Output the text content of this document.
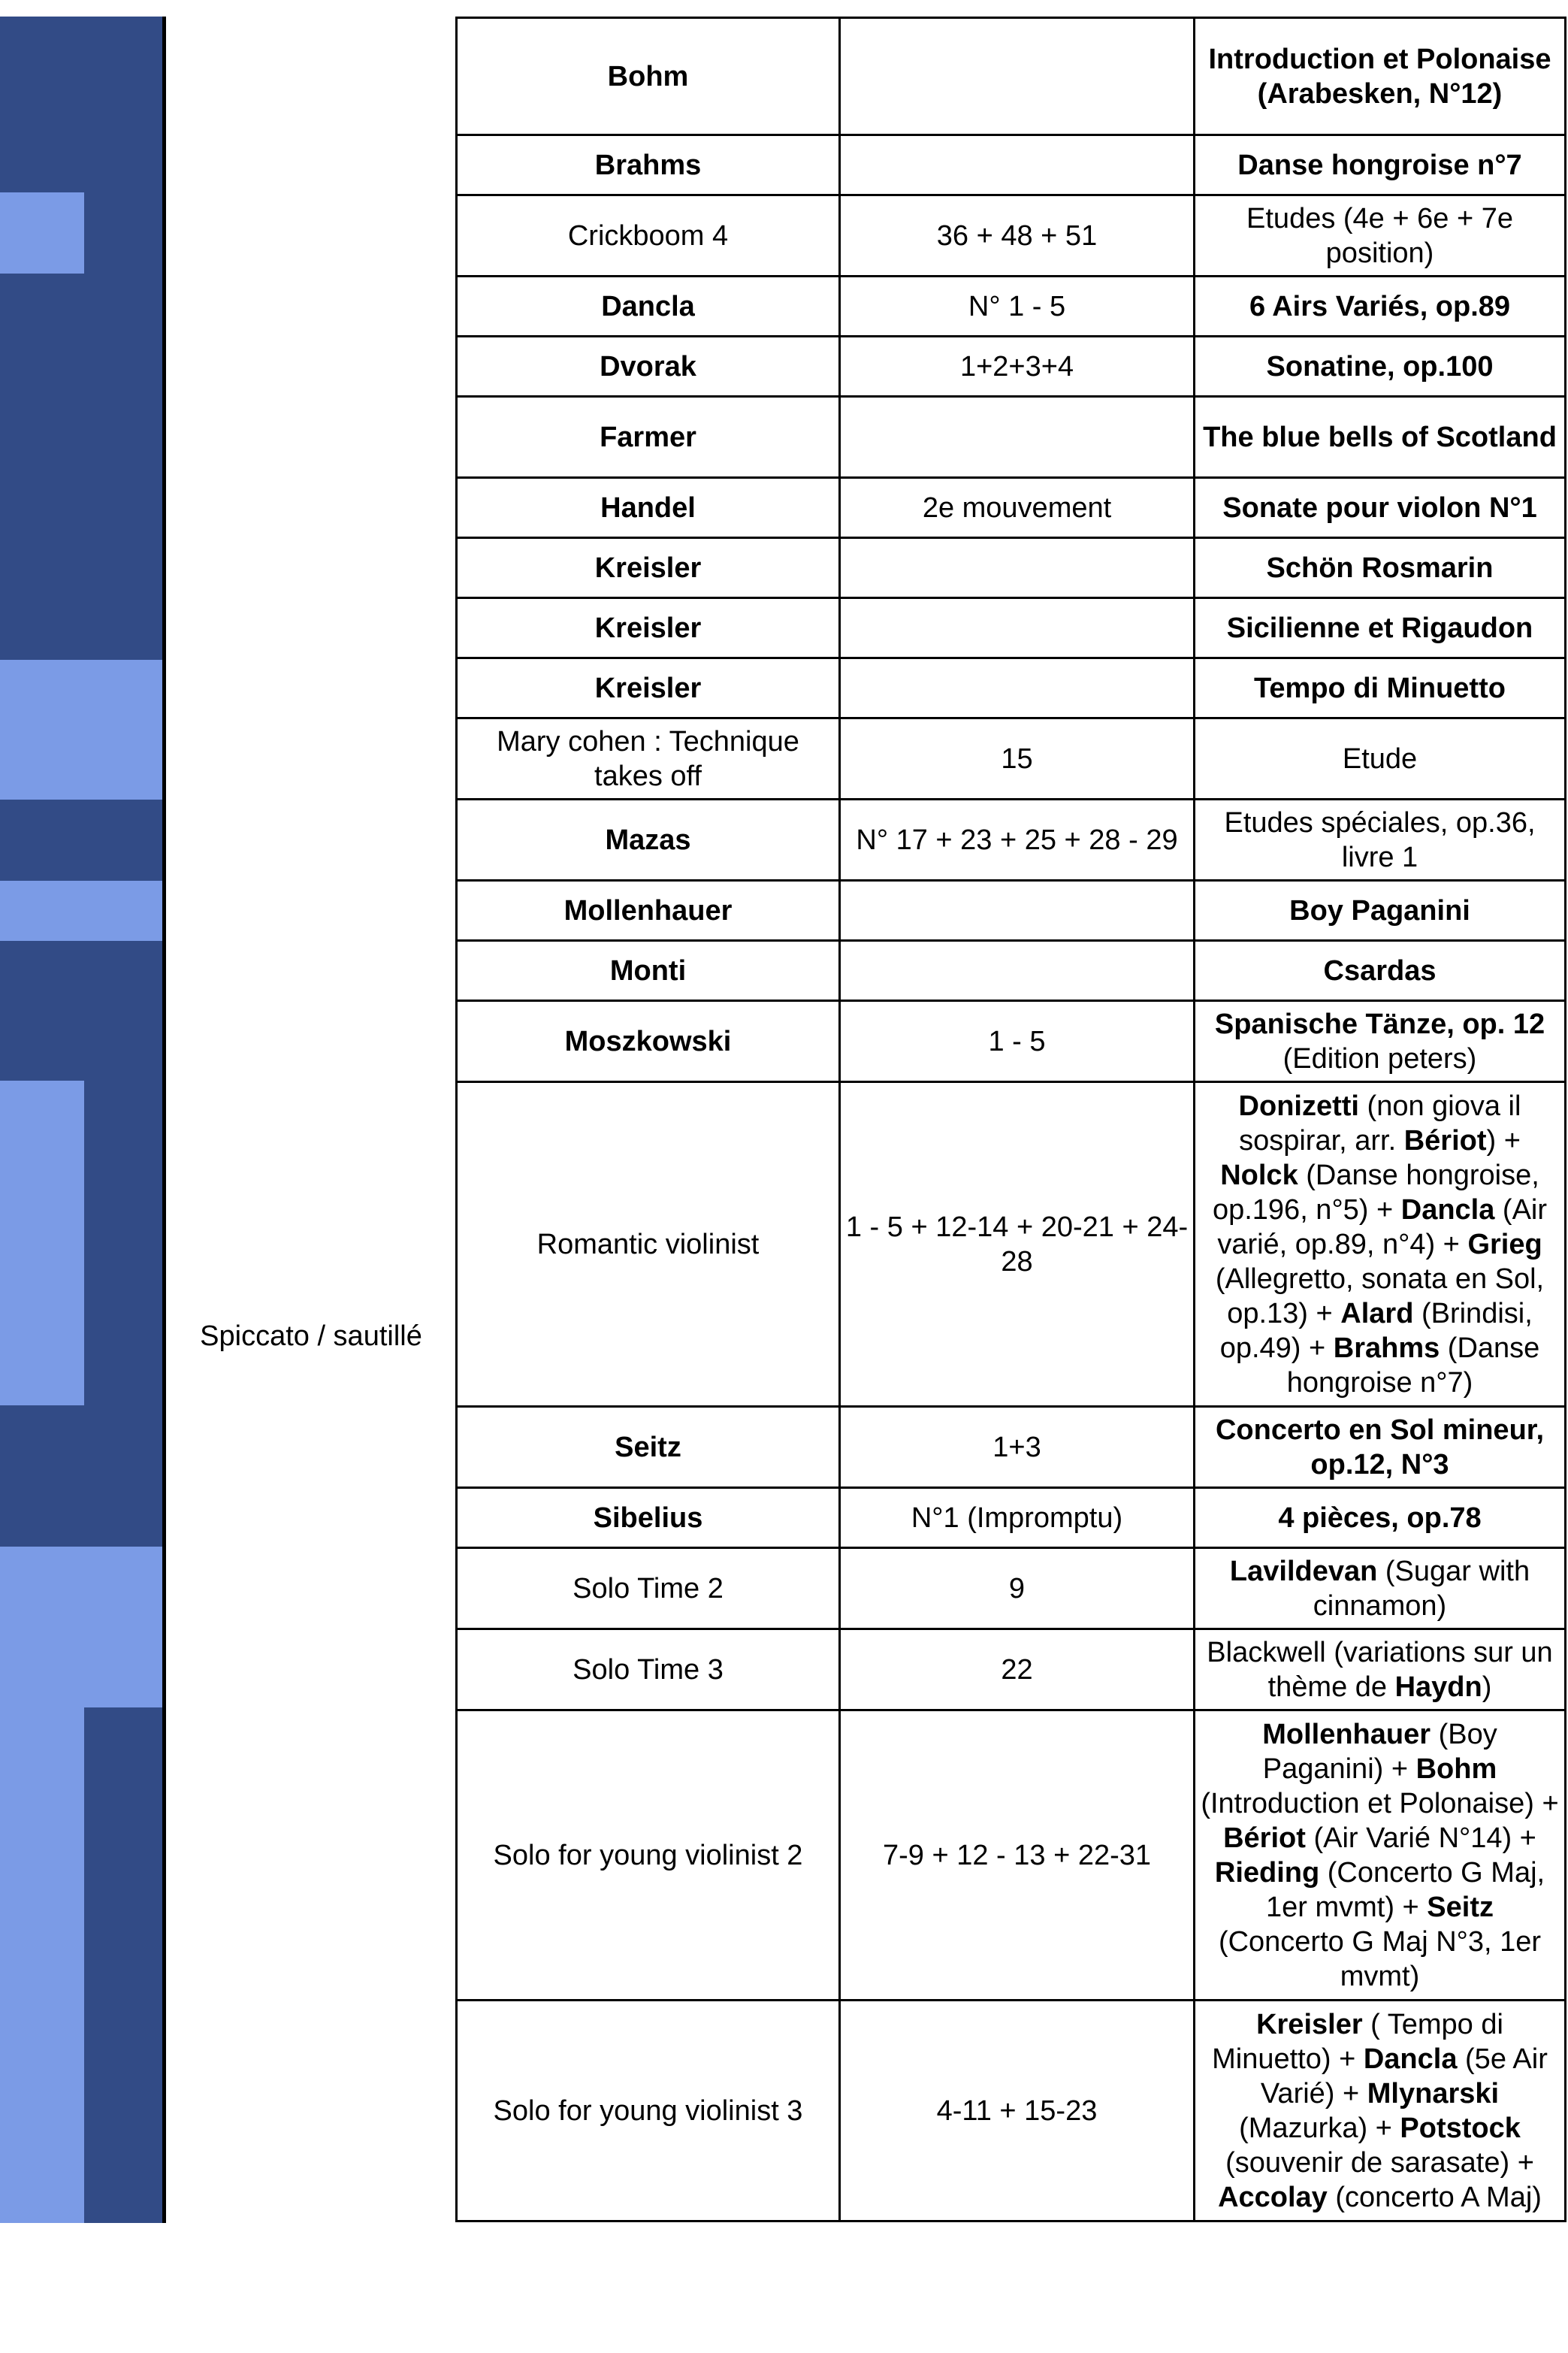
Spiccato / sautillé
Bohm		Introduction et Polonaise (Arabesken, N°12)
Brahms		Danse hongroise n°7
Crickboom 4	36 + 48 + 51	Etudes (4e + 6e + 7e position)
Dancla	N° 1 - 5	6 Airs Variés, op.89
Dvorak	1+2+3+4	Sonatine, op.100
Farmer		The blue bells of Scotland
Handel	2e mouvement	Sonate pour violon N°1
Kreisler		Schön Rosmarin
Kreisler		Sicilienne et Rigaudon
Kreisler		Tempo di Minuetto
Mary cohen : Technique takes off	15	Etude
Mazas	N° 17 + 23 + 25 + 28 - 29	Etudes spéciales, op.36, livre 1
Mollenhauer		Boy Paganini
Monti		Csardas
Moszkowski	1 - 5	Spanische Tänze, op. 12 (Edition peters)
Romantic violinist	1 - 5 + 12-14 + 20-21 + 24-28	Donizetti (non giova il sospirar, arr. Bériot) + Nolck (Danse hongroise, op.196, n°5) + Dancla (Air varié, op.89, n°4) + Grieg (Allegretto, sonata en Sol, op.13) + Alard (Brindisi, op.49) + Brahms (Danse hongroise n°7)
Seitz	1+3	Concerto en Sol mineur, op.12, N°3
Sibelius	N°1 (Impromptu)	4 pièces, op.78
Solo Time 2	9	Lavildevan (Sugar with cinnamon)
Solo Time 3	22	Blackwell (variations sur un thème de Haydn)
Solo for young violinist 2	7-9 + 12 - 13 + 22-31	Mollenhauer (Boy Paganini) + Bohm (Introduction et Polonaise) + Bériot (Air Varié N°14) + Rieding (Concerto G Maj, 1er mvmt) + Seitz (Concerto G Maj N°3, 1er mvmt)
Solo for young violinist 3	4-11 + 15-23	Kreisler ( Tempo di Minuetto) + Dancla (5e Air Varié) + Mlynarski (Mazurka) + Potstock (souvenir de sarasate) + Accolay (concerto A Maj)
